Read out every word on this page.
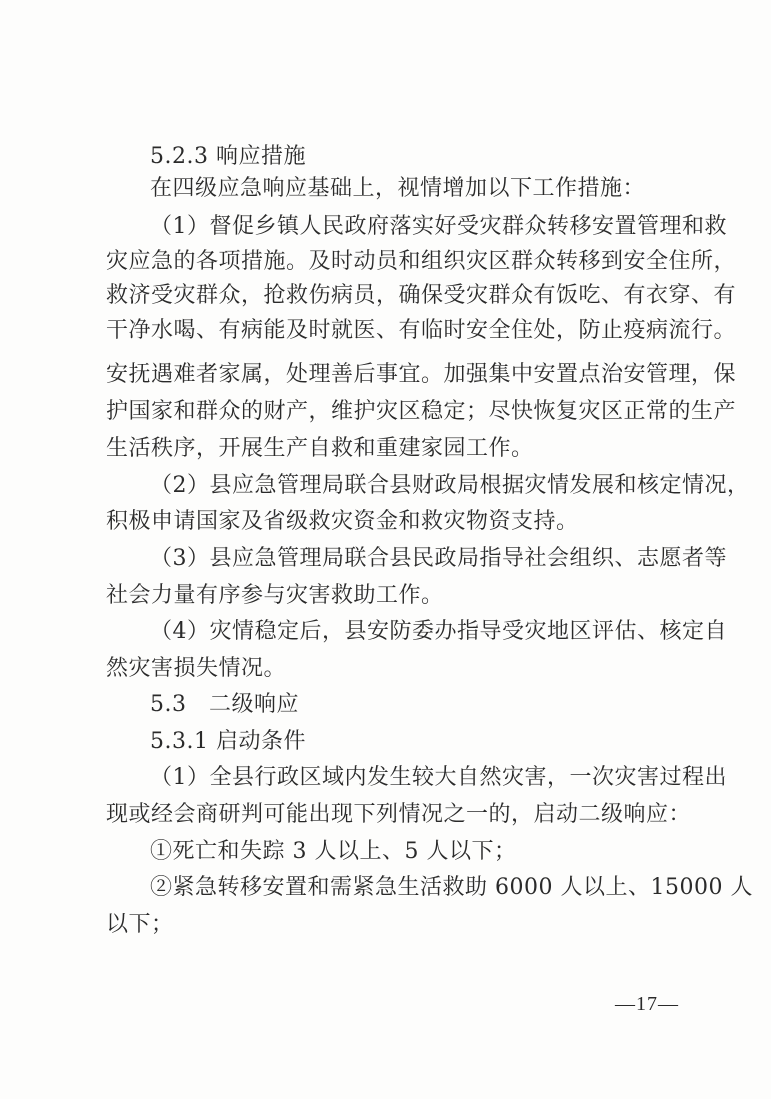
5.2.3 响应措施
在四级应急响应基础上，视情增加以下工作措施：
（1）督促乡镇人民政府落实好受灾群众转移安置管理和救
灾应急的各项措施。及时动员和组织灾区群众转移到安全住所，
救济受灾群众，抢救伤病员，确保受灾群众有饭吃、有衣穿、有
干净水喝、有病能及时就医、有临时安全住处，防止疫病流行。
安抚遇难者家属，处理善后事宜。加强集中安置点治安管理，保
护国家和群众的财产，维护灾区稳定；尽快恢复灾区正常的生产
生活秩序，开展生产自救和重建家园工作。
（2）县应急管理局联合县财政局根据灾情发展和核定情况，
积极申请国家及省级救灾资金和救灾物资支持。
（3）县应急管理局联合县民政局指导社会组织、志愿者等
社会力量有序参与灾害救助工作。
（4）灾情稳定后，县安防委办指导受灾地区评估、核定自
然灾害损失情况。
5.3　二级响应
5.3.1 启动条件
（1）全县行政区域内发生较大自然灾害，一次灾害过程出
现或经会商研判可能出现下列情况之一的，启动二级响应：
①死亡和失踪 3 人以上、5 人以下；
②紧急转移安置和需紧急生活救助 6000 人以上、15000 人
以下；
—17—
